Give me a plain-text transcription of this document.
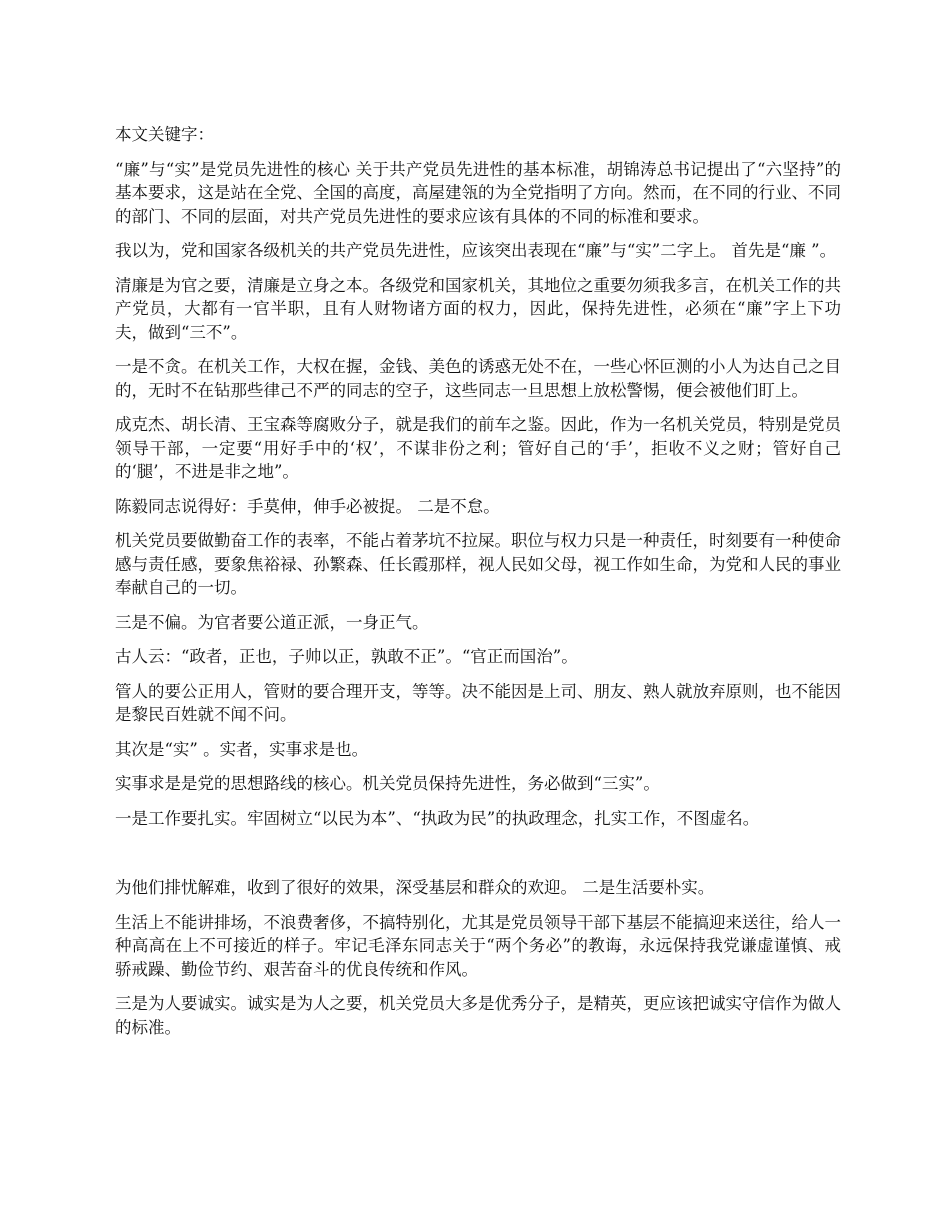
本文关键字：

“廉”与“实”是党员先进性的核心 关于共产党员先进性的基本标准，胡锦涛总书记提出了“六坚持”的基本要求，这是站在全党、全国的高度，高屋建瓴的为全党指明了方向。然而，在不同的行业、不同的部门、不同的层面，对共产党员先进性的要求应该有具体的不同的标准和要求。

我以为，党和国家各级机关的共产党员先进性，应该突出表现在“廉”与“实”二字上。 首先是“廉 ”。

清廉是为官之要，清廉是立身之本。各级党和国家机关，其地位之重要勿须我多言，在机关工作的共产党员，大都有一官半职，且有人财物诸方面的权力，因此，保持先进性，必须在“廉”字上下功夫，做到“三不”。

一是不贪。在机关工作，大权在握，金钱、美色的诱惑无处不在，一些心怀叵测的小人为达自己之目的，无时不在钻那些律己不严的同志的空子，这些同志一旦思想上放松警惕，便会被他们盯上。

成克杰、胡长清、王宝森等腐败分子，就是我们的前车之鉴。因此，作为一名机关党员，特别是党员领导干部，一定要“用好手中的‘权’，不谋非份之利；管好自己的‘手’，拒收不义之财；管好自己的‘腿’，不进是非之地”。

陈毅同志说得好：手莫伸，伸手必被捉。 二是不怠。

机关党员要做勤奋工作的表率，不能占着茅坑不拉屎。职位与权力只是一种责任，时刻要有一种使命感与责任感，要象焦裕禄、孙繁森、任长霞那样，视人民如父母，视工作如生命，为党和人民的事业奉献自己的一切。

三是不偏。为官者要公道正派，一身正气。

古人云：“政者，正也，子帅以正，孰敢不正”。“官正而国治”。

管人的要公正用人，管财的要合理开支，等等。决不能因是上司、朋友、熟人就放弃原则，也不能因是黎民百姓就不闻不问。

其次是“实” 。实者，实事求是也。

实事求是是党的思想路线的核心。机关党员保持先进性，务必做到“三实”。

一是工作要扎实。牢固树立“以民为本”、“执政为民”的执政理念，扎实工作，不图虚名。

为他们排忧解难，收到了很好的效果，深受基层和群众的欢迎。 二是生活要朴实。

生活上不能讲排场，不浪费奢侈，不搞特别化，尤其是党员领导干部下基层不能搞迎来送往，给人一种高高在上不可接近的样子。牢记毛泽东同志关于“两个务必”的教诲，永远保持我党谦虚谨慎、戒骄戒躁、勤俭节约、艰苦奋斗的优良传统和作风。

三是为人要诚实。诚实是为人之要，机关党员大多是优秀分子，是精英，更应该把诚实守信作为做人的标准。
